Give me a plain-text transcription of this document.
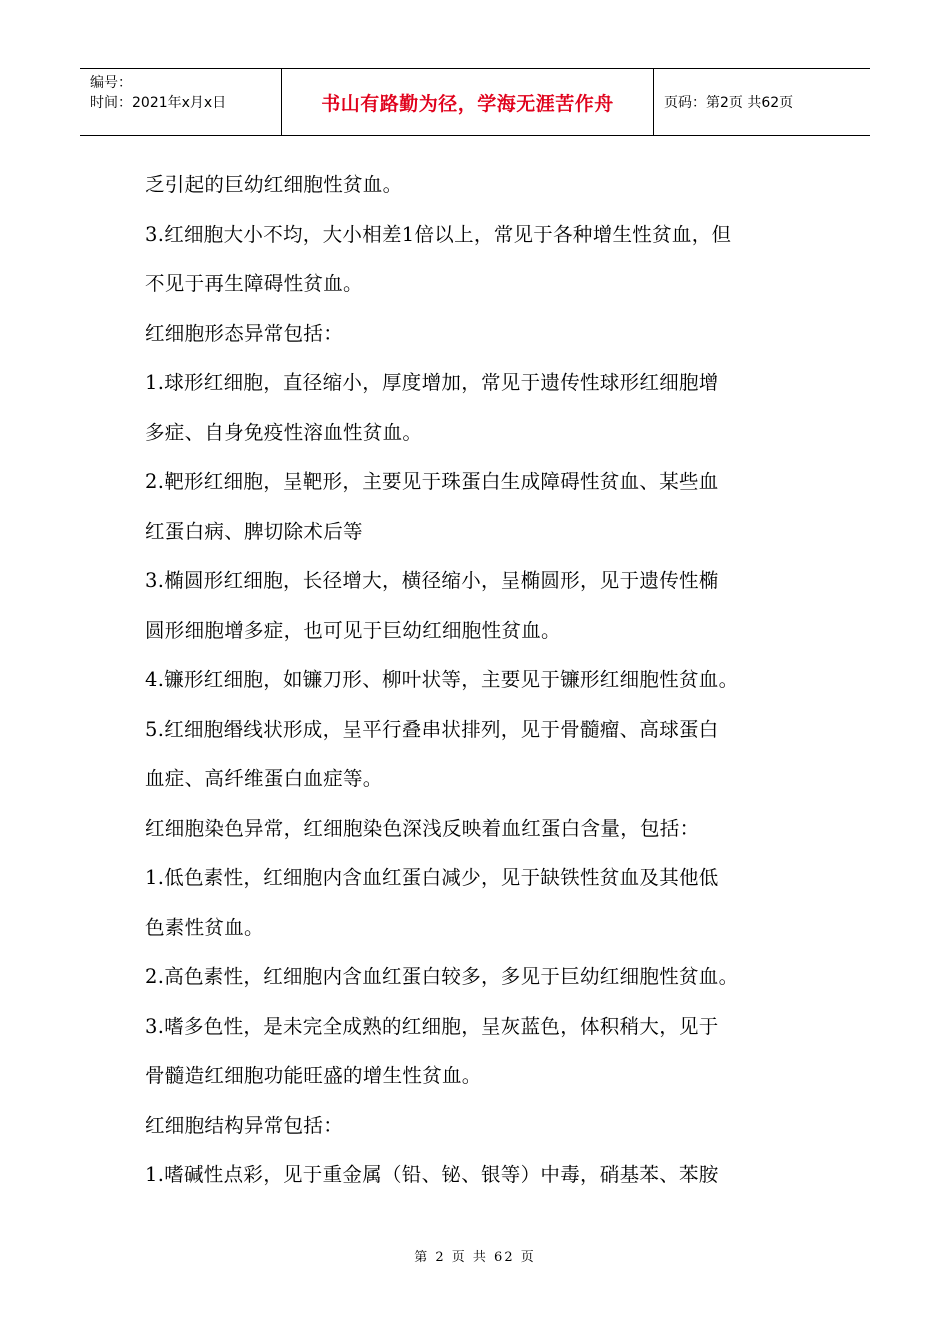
编号：
时间：2021年x月x日	书山有路勤为径，学海无涯苦作舟	页码：第2页 共62页

乏引起的巨幼红细胞性贫血。

3.红细胞大小不均，大小相差1倍以上，常见于各种增生性贫血，但

不见于再生障碍性贫血。

红细胞形态异常包括：

1.球形红细胞，直径缩小，厚度增加，常见于遗传性球形红细胞增

多症、自身免疫性溶血性贫血。

2.靶形红细胞，呈靶形，主要见于珠蛋白生成障碍性贫血、某些血

红蛋白病、脾切除术后等

3.椭圆形红细胞，长径增大，横径缩小，呈椭圆形，见于遗传性椭

圆形细胞增多症，也可见于巨幼红细胞性贫血。

4.镰形红细胞，如镰刀形、柳叶状等，主要见于镰形红细胞性贫血。

5.红细胞缗线状形成，呈平行叠串状排列，见于骨髓瘤、高球蛋白

血症、高纤维蛋白血症等。

红细胞染色异常，红细胞染色深浅反映着血红蛋白含量，包括：

1.低色素性，红细胞内含血红蛋白减少，见于缺铁性贫血及其他低

色素性贫血。

2.高色素性，红细胞内含血红蛋白较多，多见于巨幼红细胞性贫血。

3.嗜多色性，是未完全成熟的红细胞，呈灰蓝色，体积稍大，见于

骨髓造红细胞功能旺盛的增生性贫血。

红细胞结构异常包括：

1.嗜碱性点彩，见于重金属（铅、铋、银等）中毒，硝基苯、苯胺

第 2 页 共 62 页
